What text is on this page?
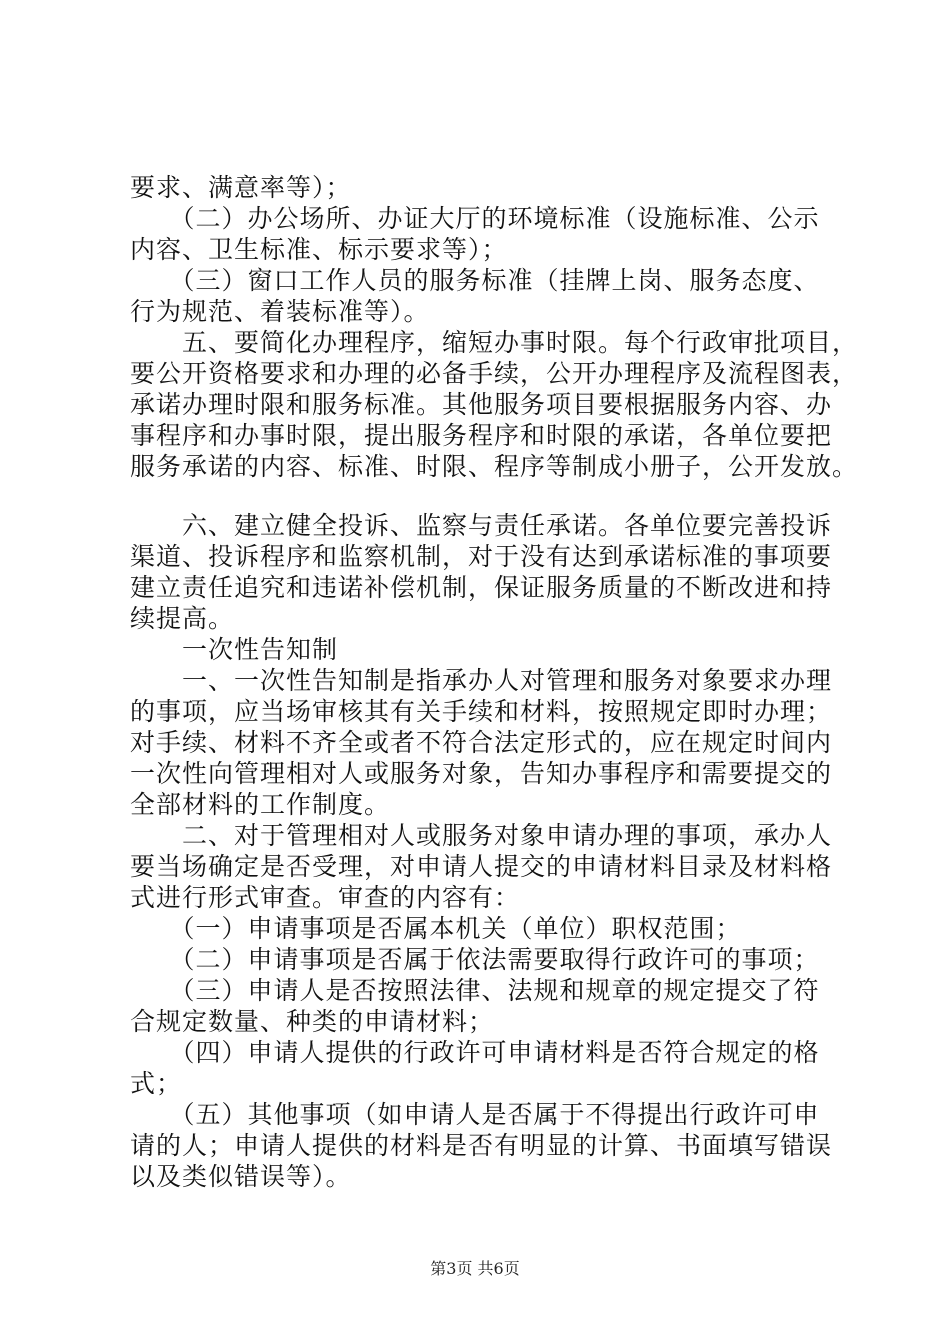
要求、满意率等）；
　　（二）办公场所、办证大厅的环境标准（设施标准、公示
内容、卫生标准、标示要求等）；
　　（三）窗口工作人员的服务标准（挂牌上岗、服务态度、
行为规范、着装标准等）。
　　五、要简化办理程序，缩短办事时限。每个行政审批项目，
要公开资格要求和办理的必备手续，公开办理程序及流程图表，
承诺办理时限和服务标准。其他服务项目要根据服务内容、办
事程序和办事时限，提出服务程序和时限的承诺，各单位要把
服务承诺的内容、标准、时限、程序等制成小册子，公开发放。
　　六、建立健全投诉、监察与责任承诺。各单位要完善投诉
渠道、投诉程序和监察机制，对于没有达到承诺标准的事项要
建立责任追究和违诺补偿机制，保证服务质量的不断改进和持
续提高。
　　一次性告知制
　　一、一次性告知制是指承办人对管理和服务对象要求办理
的事项，应当场审核其有关手续和材料，按照规定即时办理；
对手续、材料不齐全或者不符合法定形式的，应在规定时间内
一次性向管理相对人或服务对象，告知办事程序和需要提交的
全部材料的工作制度。
　　二、对于管理相对人或服务对象申请办理的事项，承办人
要当场确定是否受理，对申请人提交的申请材料目录及材料格
式进行形式审查。审查的内容有：
　　（一）申请事项是否属本机关（单位）职权范围；
　　（二）申请事项是否属于依法需要取得行政许可的事项；
　　（三）申请人是否按照法律、法规和规章的规定提交了符
合规定数量、种类的申请材料；
　　（四）申请人提供的行政许可申请材料是否符合规定的格
式；
　　（五）其他事项（如申请人是否属于不得提出行政许可申
请的人；申请人提供的材料是否有明显的计算、书面填写错误
以及类似错误等）。
第3页 共6页
